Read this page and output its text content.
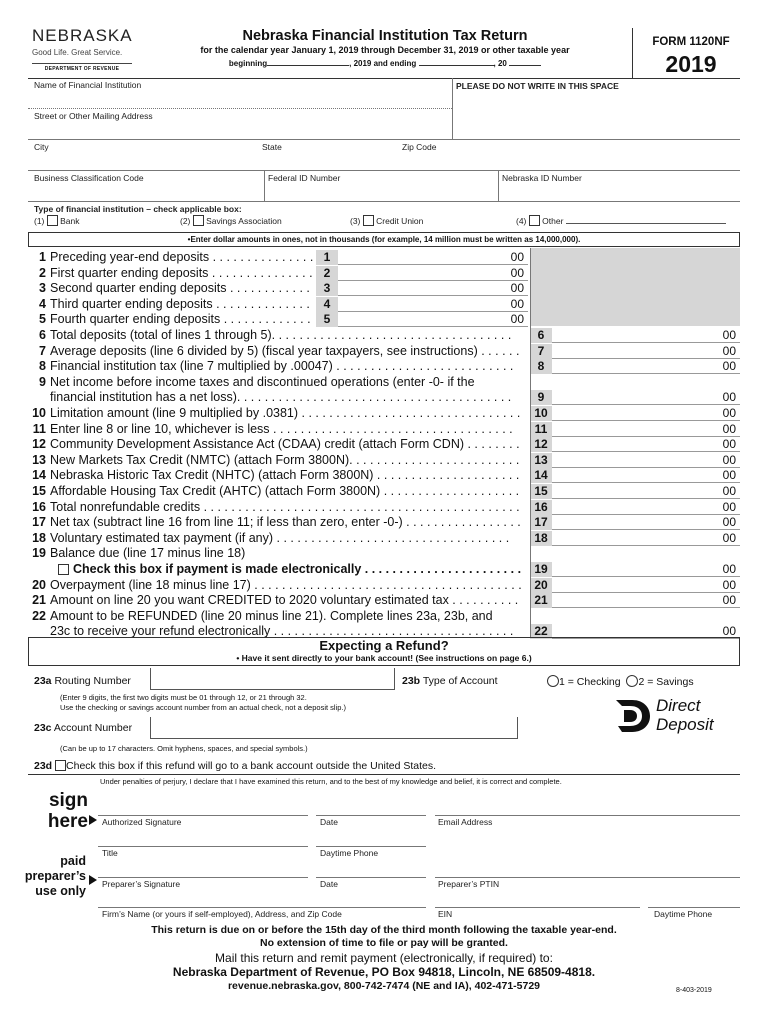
NEBRASKA
Good Life. Great Service.
DEPARTMENT OF REVENUE
Nebraska Financial Institution Tax Return
for the calendar year January 1, 2019 through December 31, 2019 or other taxable year
beginning	, 2019 and ending	, 20
FORM 1120NF
2019
Name of Financial Institution	PLEASE DO NOT WRITE IN THIS SPACE
Street or Other Mailing Address
City	State	Zip Code
Business Classification Code	Federal ID Number	Nebraska ID Number
Type of financial institution – check applicable box:
(1) Bank	(2) Savings Association	(3) Credit Union	(4) Other
•Enter dollar amounts in ones, not in thousands (for example, 14 million must be written as 14,000,000).
1 Preceding year-end deposits . . . . . . . . . . . . . . . 1	00
2 First quarter ending deposits . . . . . . . . . . . . . . . 2	00
3 Second quarter ending deposits . . . . . . . . . . . .	3	00
4 Third quarter ending deposits . . . . . . . . . . . . . .	4	00
5 Fourth quarter ending deposits . . . . . . . . . . . . .	5	00
6 Total deposits (total of lines 1 through 5). . . . . . . . . . . . . . . . . . . . . . . . . . . . . . . . . . .	6	00
7 Average deposits (line 6 divided by 5) (fiscal year taxpayers, see instructions) . . . . . .	7	00
8 Financial institution tax (line 7 multiplied by .00047) . . . . . . . . . . . . . . . . . . . . . . . . . .	8	00
9 Net income before income taxes and discontinued operations (enter -0- if the
financial institution has a net loss). . . . . . . . . . . . . . . . . . . . . . . . . . . . . . . . . . . . . . . .	9	00
10 Limitation amount (line 9 multiplied by .0381) . . . . . . . . . . . . . . . . . . . . . . . . . . . . . . . .	10	00
11 Enter line 8 or line 10, whichever is less . . . . . . . . . . . . . . . . . . . . . . . . . . . . . . . . . . .	11	00
12 Community Development Assistance Act (CDAA) credit (attach Form CDN) . . . . . . . .	12	00
13 New Markets Tax Credit (NMTC) (attach Form 3800N). . . . . . . . . . . . . . . . . . . . . . . . .	13	00
14 Nebraska Historic Tax Credit (NHTC) (attach Form 3800N) . . . . . . . . . . . . . . . . . . . . .	14	00
15 Affordable Housing Tax Credit (AHTC) (attach Form 3800N) . . . . . . . . . . . . . . . . . . . .	15	00
16 Total nonrefundable credits . . . . . . . . . . . . . . . . . . . . . . . . . . . . . . . . . . . . . . . . . . . . . .	16	00
17 Net tax (subtract line 16 from line 11; if less than zero, enter -0-) . . . . . . . . . . . . . . . . .	17	00
18 Voluntary estimated tax payment (if any) . . . . . . . . . . . . . . . . . . . . . . . . . . . . . . . . . .	18	00
19 Balance due (line 17 minus line 18)
Check this box if payment is made electronically . . . . . . . . . . . . . . . . . . . . . . .	19	00
20 Overpayment (line 18 minus line 17) . . . . . . . . . . . . . . . . . . . . . . . . . . . . . . . . . . . . . . .	20	00
21 Amount on line 20 you want CREDITED to 2020 voluntary estimated tax . . . . . . . . . .	21	00
22 Amount to be REFUNDED (line 20 minus line 21). Complete lines 23a, 23b, and
23c to receive your refund electronically . . . . . . . . . . . . . . . . . . . . . . . . . . . . . . . . . . .	22	00
Expecting a Refund?
• Have it sent directly to your bank account! (See instructions on page 6.)
23a Routing Number	23b Type of Account	1 = Checking 2 = Savings
(Enter 9 digits, the first two digits must be 01 through 12, or 21 through 32.
Use the checking or savings account number from an actual check, not a deposit slip.)
23c Account Number
Direct
Deposit
(Can be up to 17 characters. Omit hyphens, spaces, and special symbols.)
23d Check this box if this refund will go to a bank account outside the United States.
Under penalties of perjury, I declare that I have examined this return, and to the best of my knowledge and belief, it is correct and complete.
sign
here Authorized Signature	Date	Email Address
Title	Daytime Phone
paid
preparer’s
use only Preparer’s Signature	Date	Preparer’s PTIN
Firm’s Name (or yours if self-employed), Address, and Zip Code	EIN	Daytime Phone
This return is due on or before the 15th day of the third month following the taxable year-end.
No extension of time to file or pay will be granted.
Mail this return and remit payment (electronically, if required) to:
Nebraska Department of Revenue, PO Box 94818, Lincoln, NE 68509-4818.
revenue.nebraska.gov, 800-742-7474 (NE and IA), 402-471-5729	8-403-2019
